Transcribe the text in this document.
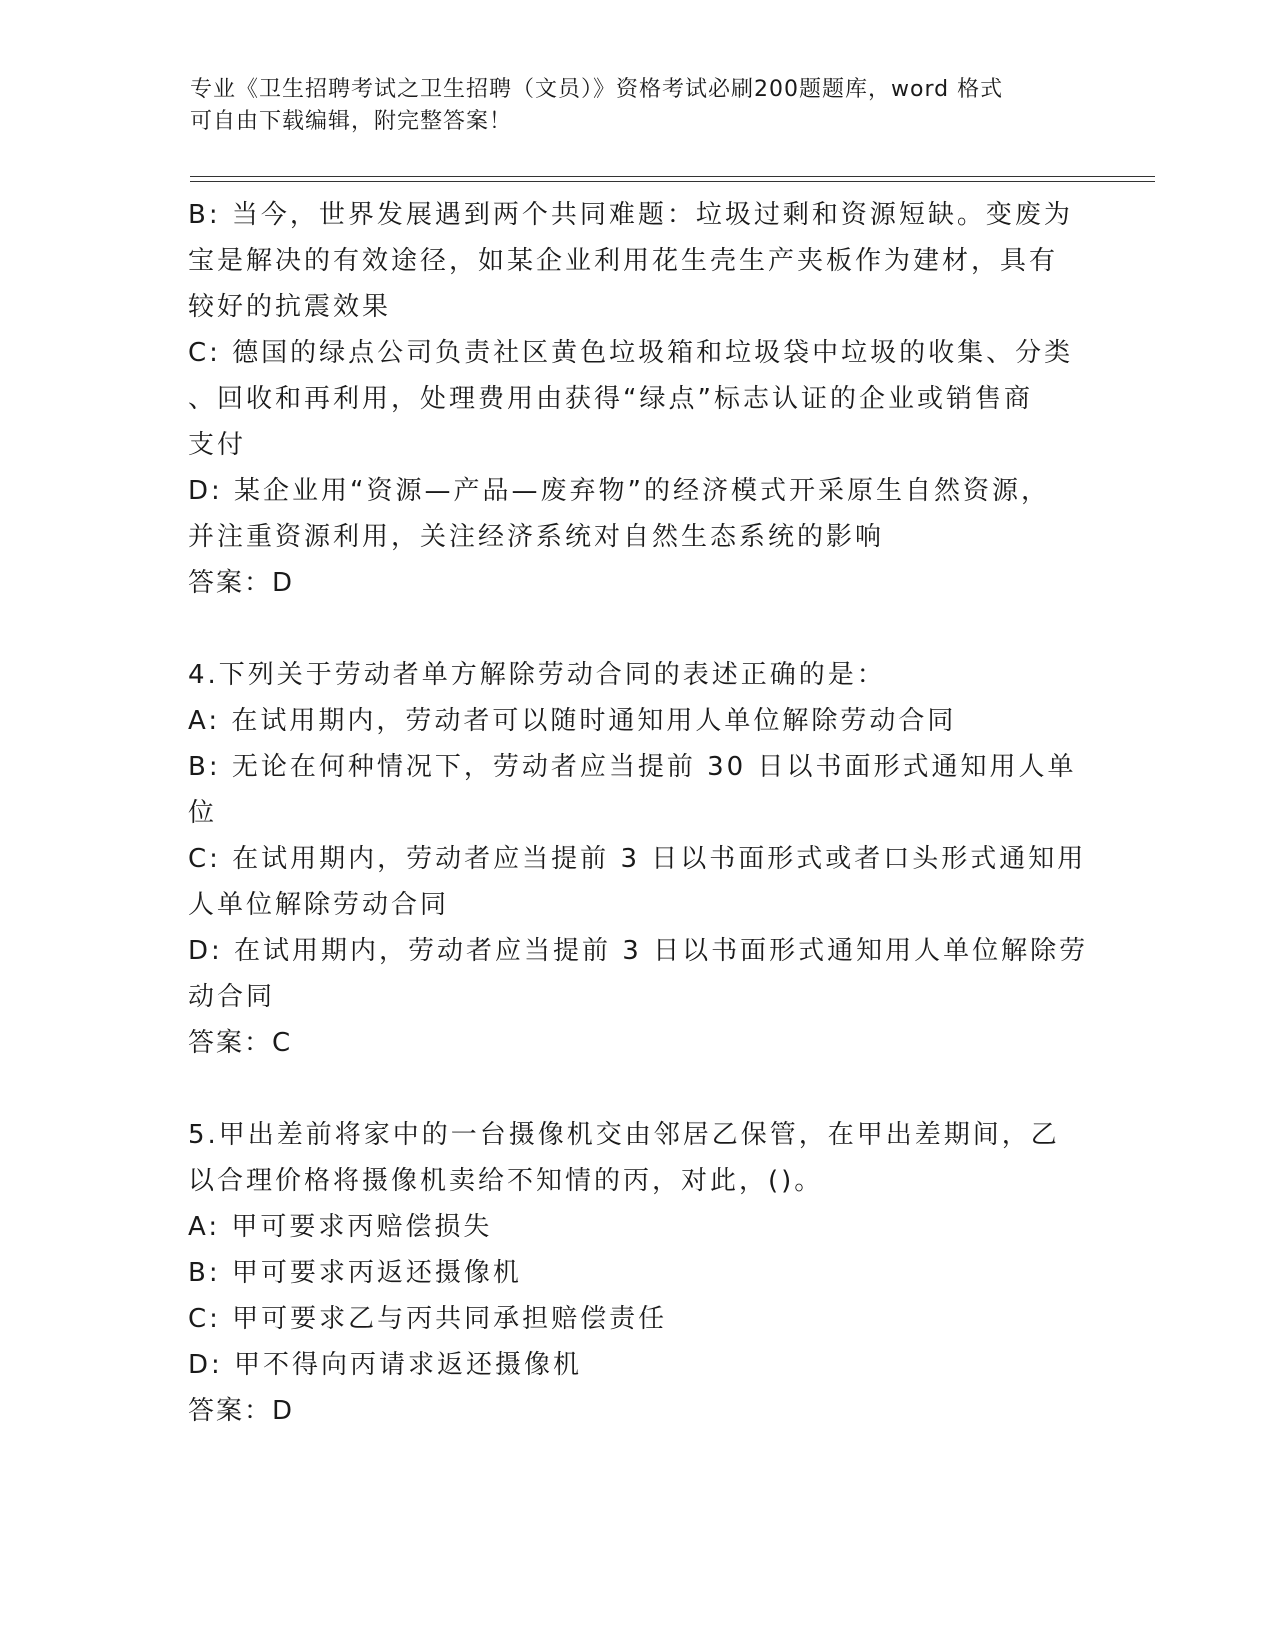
专业《卫生招聘考试之卫生招聘（文员）》资格考试必刷200题题库，word 格式
可自由下载编辑，附完整答案！
B: 当今，世界发展遇到两个共同难题：垃圾过剩和资源短缺。变废为
宝是解决的有效途径，如某企业利用花生壳生产夹板作为建材，具有
较好的抗震效果
C: 德国的绿点公司负责社区黄色垃圾箱和垃圾袋中垃圾的收集、分类
、回收和再利用，处理费用由获得“绿点”标志认证的企业或销售商
支付
D: 某企业用“资源—产品—废弃物”的经济模式开采原生自然资源，
并注重资源利用，关注经济系统对自然生态系统的影响
答案：D
4.下列关于劳动者单方解除劳动合同的表述正确的是：
A: 在试用期内，劳动者可以随时通知用人单位解除劳动合同
B: 无论在何种情况下，劳动者应当提前 30 日以书面形式通知用人单
位
C: 在试用期内，劳动者应当提前 3 日以书面形式或者口头形式通知用
人单位解除劳动合同
D: 在试用期内，劳动者应当提前 3 日以书面形式通知用人单位解除劳
动合同
答案：C
5.甲出差前将家中的一台摄像机交由邻居乙保管，在甲出差期间，乙
以合理价格将摄像机卖给不知情的丙，对此，()。
A: 甲可要求丙赔偿损失
B: 甲可要求丙返还摄像机
C: 甲可要求乙与丙共同承担赔偿责任
D: 甲不得向丙请求返还摄像机
答案：D
